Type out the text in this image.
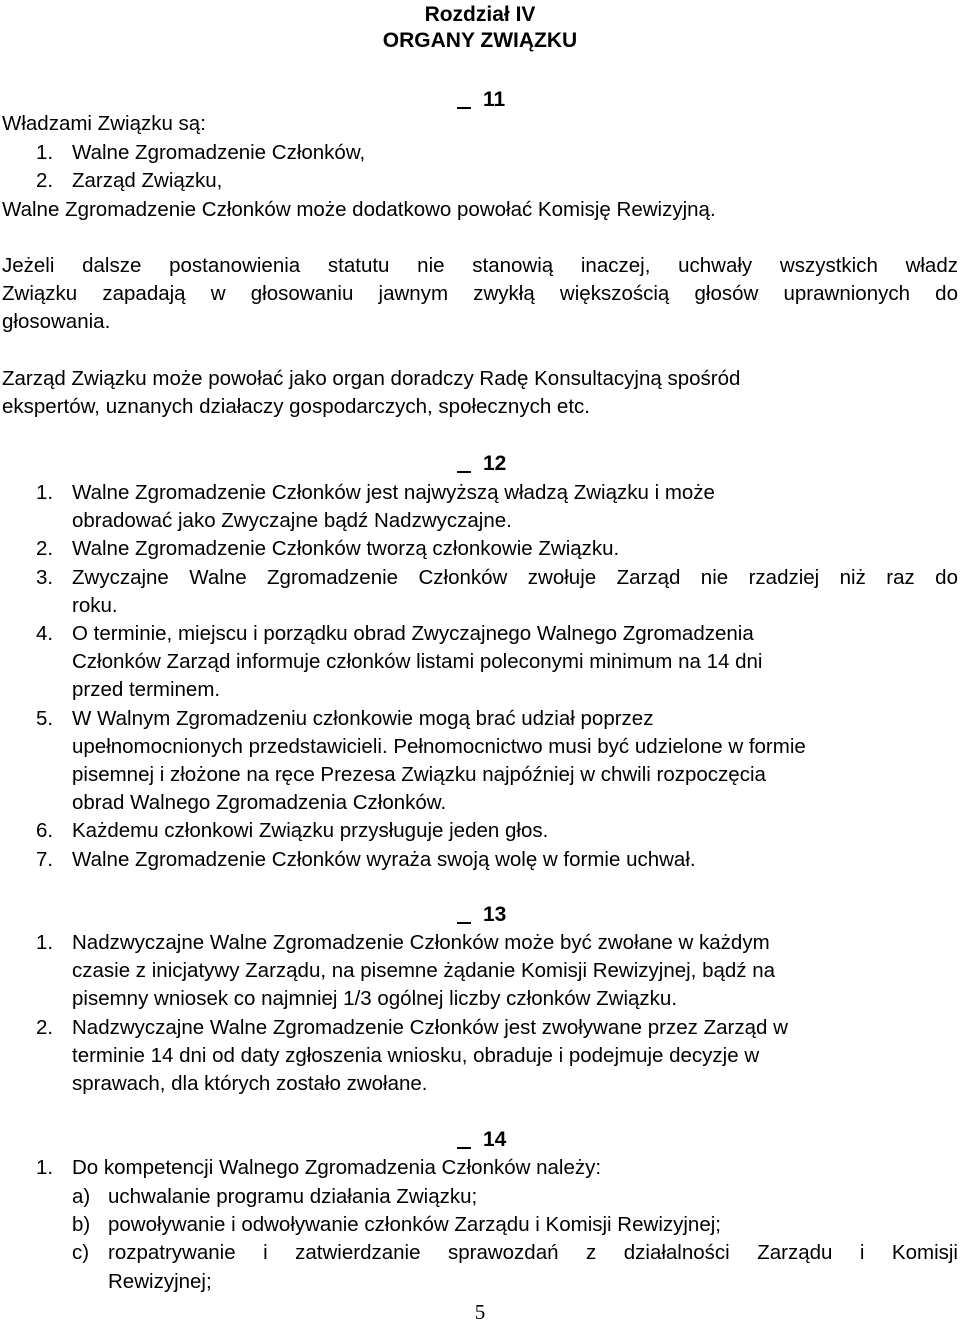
Rozdział IV
ORGANY ZWIĄZKU
11
Władzami Związku są:
1. Walne Zgromadzenie Członków,
2. Zarząd Związku,
Walne Zgromadzenie Członków może dodatkowo powołać Komisję Rewizyjną.
Jeżeli dalsze postanowienia statutu nie stanowią inaczej, uchwały wszystkich władz
Związku zapadają w głosowaniu jawnym zwykłą większością głosów uprawnionych do
głosowania.
Zarząd Związku może powołać jako organ doradczy Radę Konsultacyjną spośród
ekspertów, uznanych działaczy gospodarczych, społecznych etc.
12
1. Walne Zgromadzenie Członków jest najwyższą władzą Związku i może
obradować jako Zwyczajne bądź Nadzwyczajne.
2. Walne Zgromadzenie Członków tworzą członkowie Związku.
3. Zwyczajne Walne Zgromadzenie Członków zwołuje Zarząd nie rzadziej niż raz do
roku.
4. O terminie, miejscu i porządku obrad Zwyczajnego Walnego Zgromadzenia
Członków Zarząd informuje członków listami poleconymi minimum na 14 dni
przed terminem.
5. W Walnym Zgromadzeniu członkowie mogą brać udział poprzez
upełnomocnionych przedstawicieli. Pełnomocnictwo musi być udzielone w formie
pisemnej i złożone na ręce Prezesa Związku najpóźniej w chwili rozpoczęcia
obrad Walnego Zgromadzenia Członków.
6. Każdemu członkowi Związku przysługuje jeden głos.
7. Walne Zgromadzenie Członków wyraża swoją wolę w formie uchwał.
13
1. Nadzwyczajne Walne Zgromadzenie Członków może być zwołane w każdym
czasie z inicjatywy Zarządu, na pisemne żądanie Komisji Rewizyjnej, bądź na
pisemny wniosek co najmniej 1/3 ogólnej liczby członków Związku.
2. Nadzwyczajne Walne Zgromadzenie Członków jest zwoływane przez Zarząd w
terminie 14 dni od daty zgłoszenia wniosku, obraduje i podejmuje decyzje w
sprawach, dla których zostało zwołane.
14
1. Do kompetencji Walnego Zgromadzenia Członków należy:
a) uchwalanie programu działania Związku;
b) powoływanie i odwoływanie członków Zarządu i Komisji Rewizyjnej;
c) rozpatrywanie i zatwierdzanie sprawozdań z działalności Zarządu i Komisji
Rewizyjnej;
5
